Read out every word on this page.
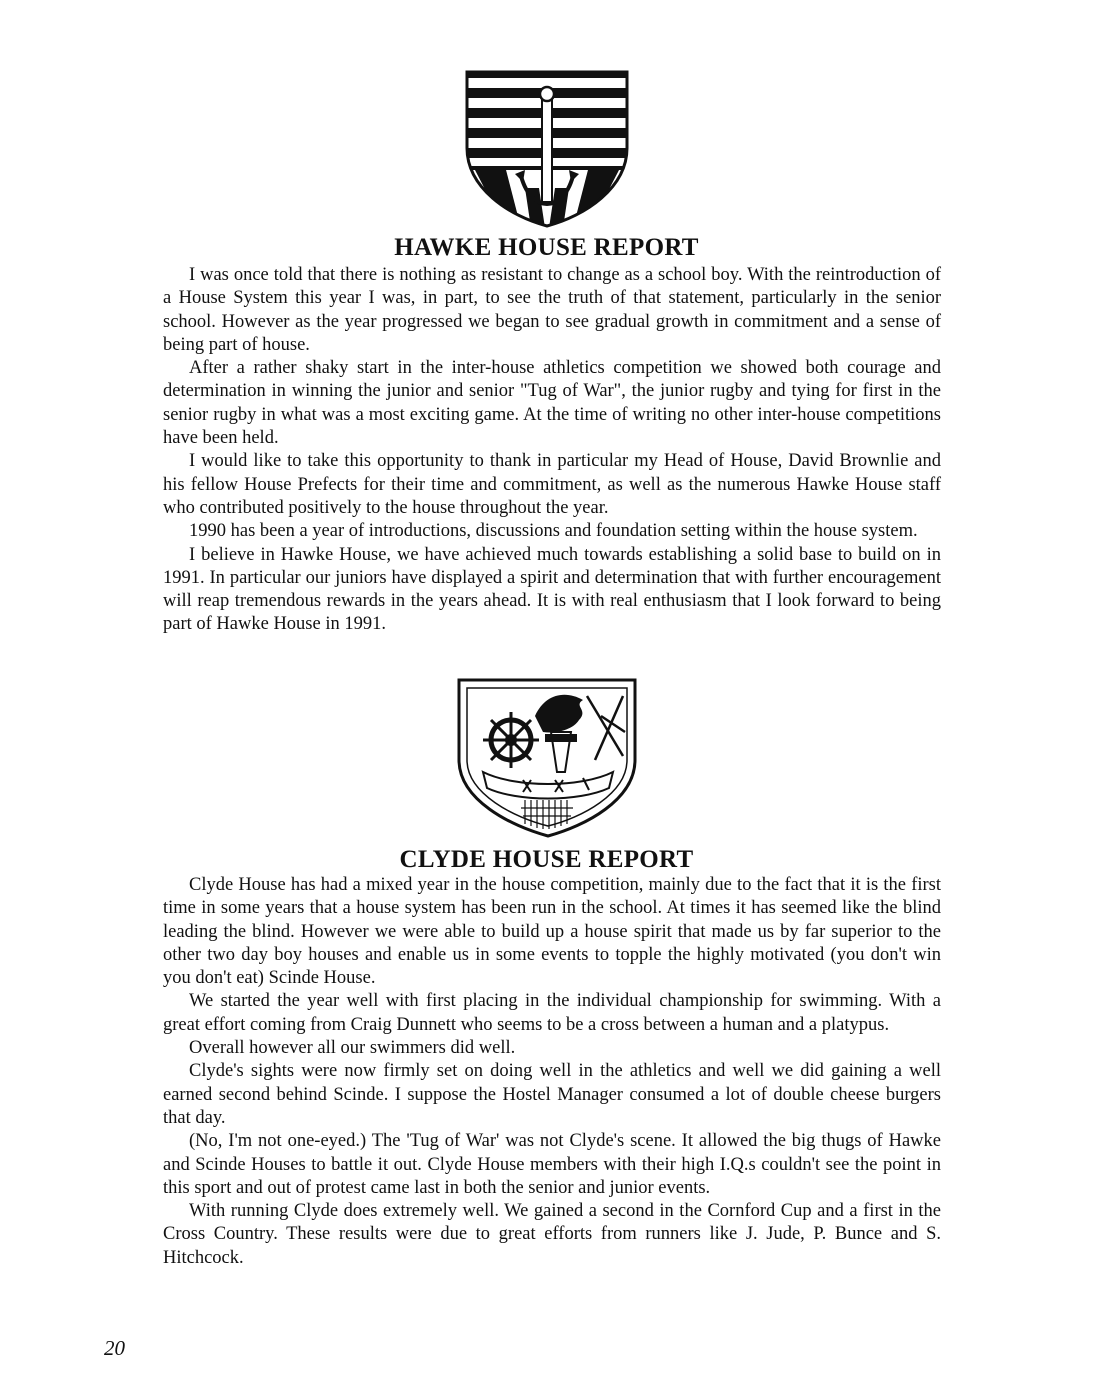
HAWKE HOUSE REPORT

I was once told that there is nothing as resistant to change as a school boy. With the reintroduction of a House System this year I was, in part, to see the truth of that statement, particularly in the senior school. However as the year progressed we began to see gradual growth in commitment and a sense of being part of house.

After a rather shaky start in the inter-house athletics competition we showed both courage and determination in winning the junior and senior "Tug of War", the junior rugby and tying for first in the senior rugby in what was a most exciting game. At the time of writing no other inter-house competitions have been held.

I would like to take this opportunity to thank in particular my Head of House, David Brownlie and his fellow House Prefects for their time and commitment, as well as the numerous Hawke House staff who contributed positively to the house throughout the year.

1990 has been a year of introductions, discussions and foundation setting within the house system.

I believe in Hawke House, we have achieved much towards establishing a solid base to build on in 1991. In particular our juniors have displayed a spirit and determination that with further encouragement will reap tremendous rewards in the years ahead. It is with real enthusiasm that I look forward to being part of Hawke House in 1991.

CLYDE HOUSE REPORT

Clyde House has had a mixed year in the house competition, mainly due to the fact that it is the first time in some years that a house system has been run in the school. At times it has seemed like the blind leading the blind. However we were able to build up a house spirit that made us by far superior to the other two day boy houses and enable us in some events to topple the highly motivated (you don't win you don't eat) Scinde House.

We started the year well with first placing in the individual championship for swimming. With a great effort coming from Craig Dunnett who seems to be a cross between a human and a platypus.

Overall however all our swimmers did well.

Clyde's sights were now firmly set on doing well in the athletics and well we did gaining a well earned second behind Scinde. I suppose the Hostel Manager consumed a lot of double cheese burgers that day.

(No, I'm not one-eyed.) The 'Tug of War' was not Clyde's scene. It allowed the big thugs of Hawke and Scinde Houses to battle it out. Clyde House members with their high I.Q.s couldn't see the point in this sport and out of protest came last in both the senior and junior events.

With running Clyde does extremely well. We gained a second in the Cornford Cup and a first in the Cross Country. These results were due to great efforts from runners like J. Jude, P. Bunce and S. Hitchcock.

20
